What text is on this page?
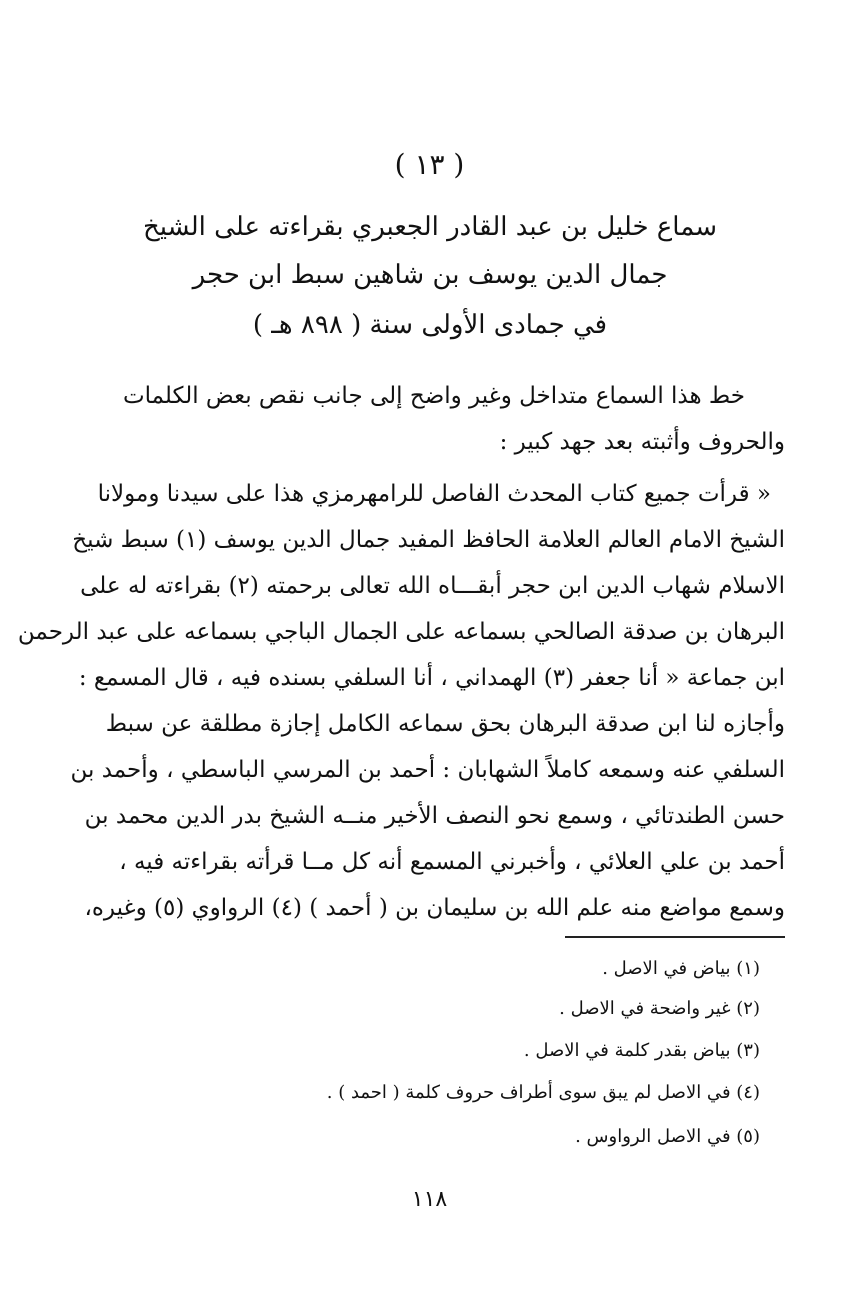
( ١٣ )
سماع خليل بن عبد القادر الجعبري بقراءته على الشيخ
جمال الدين يوسف بن شاهين سبط ابن حجر
في جمادى الأولى سنة ( ٨٩٨ هـ )
خط هذا السماع متداخل وغير واضح إلى جانب نقص بعض الكلمات
والحروف وأثبته بعد جهد كبير :
« قرأت جميع كتاب المحدث الفاصل للرامهرمزي هذا على سيدنا ومولانا
الشيخ الامام العالم العلامة الحافظ المفيد جمال الدين يوسف (١) سبط شيخ
الاسلام شهاب الدين ابن حجر أبقـــاه الله تعالى برحمته (٢) بقراءته له على
البرهان بن صدقة الصالحي بسماعه على الجمال الباجي بسماعه على عبد الرحمن
ابن جماعة « أنا جعفر (٣) الهمداني ، أنا السلفي بسنده فيه ، قال المسمع :
وأجازه لنا ابن صدقة البرهان بحق سماعه الكامل إجازة مطلقة عن سبط
السلفي عنه وسمعه كاملاً الشهابان : أحمد بن المرسي الباسطي ، وأحمد بن
حسن الطندتائي ، وسمع نحو النصف الأخير منــه الشيخ بدر الدين محمد بن
أحمد بن علي العلائي ، وأخبرني المسمع أنه كل مــا قرأته بقراءته فيه ،
وسمع مواضع منه علم الله بن سليمان بن ( أحمد ) (٤) الرواوي (٥) وغيره،
(١) بياض في الاصل .
(٢) غير واضحة في الاصل .
(٣) بياض بقدر كلمة في الاصل .
(٤) في الاصل لم يبق سوى أطراف حروف كلمة ( احمد ) .
(٥) في الاصل الرواوس .
١١٨
